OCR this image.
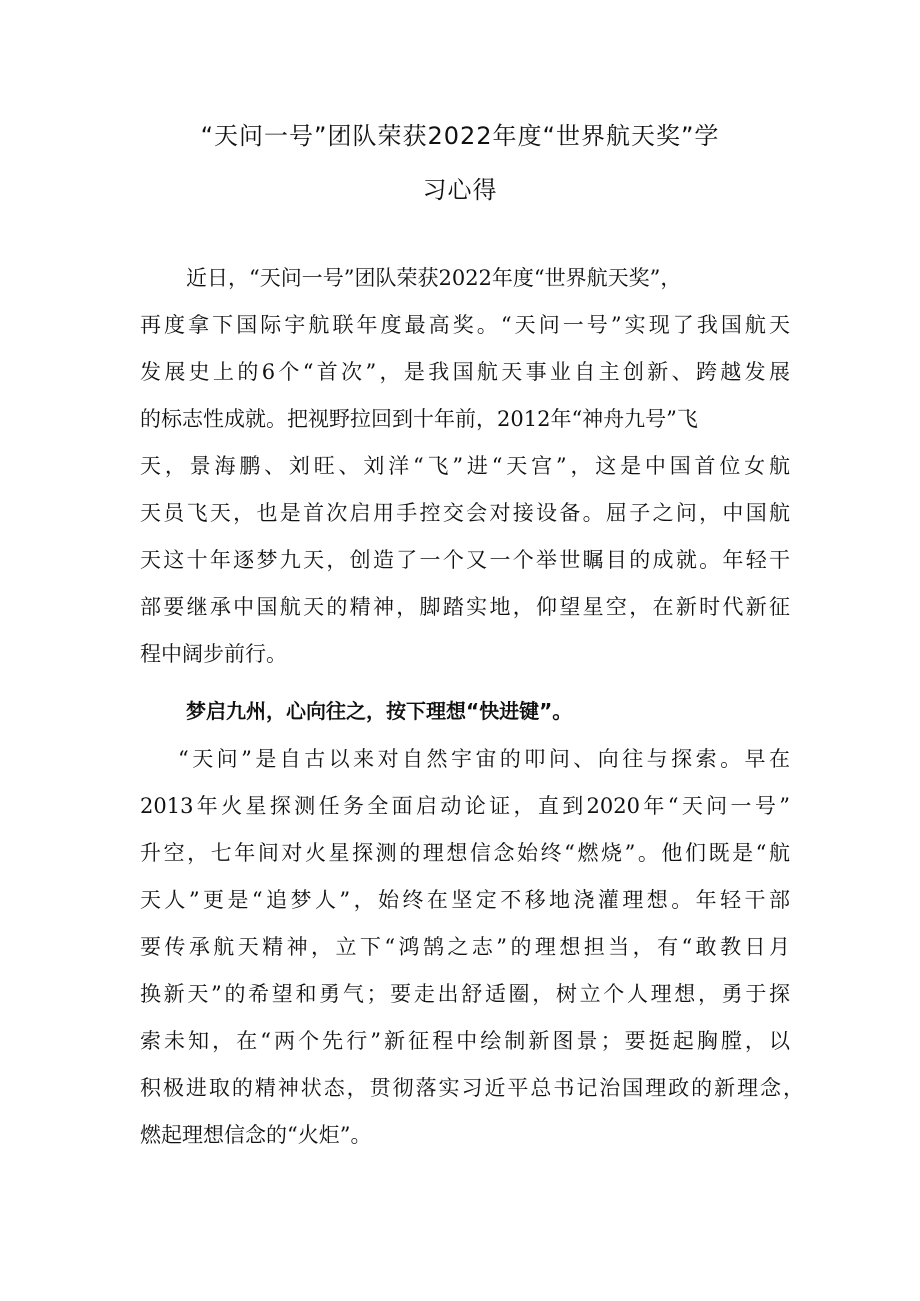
“天问一号”团队荣获2022年度“世界航天奖”学
习心得

近日，“天问一号”团队荣获2022年度“世界航天奖”，

再度拿下国际宇航联年度最高奖。“天问一号”实现了我国航天

发展史上的6个“首次”，是我国航天事业自主创新、跨越发展

的标志性成就。把视野拉回到十年前，2012年“神舟九号”飞

天，景海鹏、刘旺、刘洋“飞”进“天宫”，这是中国首位女航

天员飞天，也是首次启用手控交会对接设备。屈子之问，中国航

天这十年逐梦九天，创造了一个又一个举世瞩目的成就。年轻干

部要继承中国航天的精神，脚踏实地，仰望星空，在新时代新征

程中阔步前行。

梦启九州，心向往之，按下理想“快进键”。

“天问”是自古以来对自然宇宙的叩问、向往与探索。早在

2013年火星探测任务全面启动论证，直到2020年“天问一号”

升空，七年间对火星探测的理想信念始终“燃烧”。他们既是“航

天人”更是“追梦人”，始终在坚定不移地浇灌理想。年轻干部

要传承航天精神，立下“鸿鹄之志”的理想担当，有“敢教日月

换新天”的希望和勇气；要走出舒适圈，树立个人理想，勇于探

索未知，在“两个先行”新征程中绘制新图景；要挺起胸膛，以

积极进取的精神状态，贯彻落实习近平总书记治国理政的新理念，

燃起理想信念的“火炬”。
